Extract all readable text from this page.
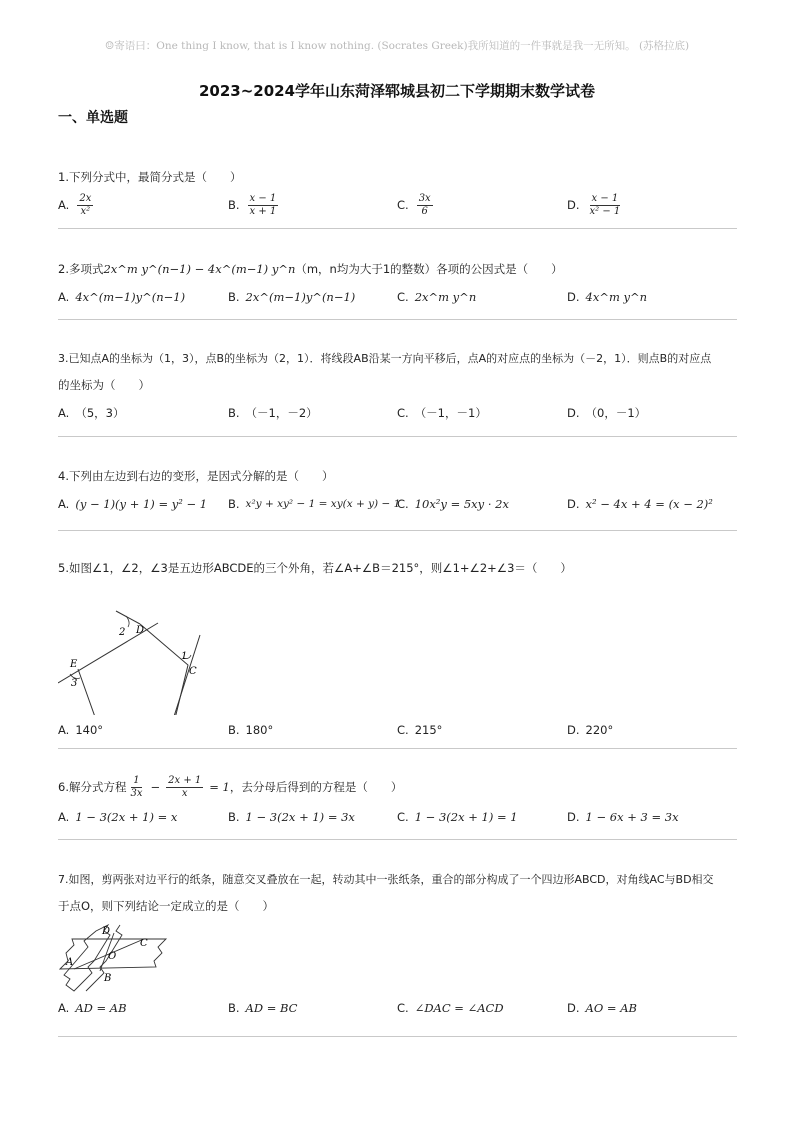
☺寄语曰：One thing I know, that is I know nothing. (Socrates Greek)我所知道的一件事就是我一无所知。 (苏格拉底)
2023~2024学年山东菏泽郓城县初二下学期期末数学试卷
一、单选题
1.下列分式中，最简分式是（　　）
A. $\frac{2x}{\text{x²}}$	B. $\frac{x - 1}{x + 1}$	C. $\frac{3x}{6}$	D. $\frac{x - 1}{\text{x² − 1}}$
2.多项式2x^m y^(n−1) − 4x^(m−1) y^n（m，n均为大于1的整数）各项的公因式是（　　）
A. 4x^(m−1)y^(n−1)	B. 2x^(m−1)y^(n−1)	C. 2x^m y^n	D. 4x^m y^n
3.已知点A的坐标为（1，3），点B的坐标为（2，1）．将线段AB沿某一方向平移后，点A的对应点的坐标为（－2，1）．则点B的对应点
的坐标为（　　）
A. （5，3）	B. （－1，－2）	C. （－1，－1）	D. （0，－1）
4.下列由左边到右边的变形，是因式分解的是（　　）
A. (y − 1)(y + 1) = y² − 1 B. x²y + xy² − 1 = xy(x + y) − 1
C. 10x²y = 5xy · 2x	D. x² − 4x + 4 = (x − 2)²
5.如图∠1，∠2，∠3是五边形ABCDE的三个外角，若∠A+∠B＝215°，则∠1+∠2+∠3＝（　　）
D
2
1
C
E
3
A. 140°	B. 180°	C. 215°	D. 220°
6.解分式方程 $\frac{1}{3x} - \frac{2x + 1}{x} = 1$ ，去分母后得到的方程是（　　）
A. 1 − 3(2x + 1) = x	B. 1 − 3(2x + 1) = 3x	C. 1 − 3(2x + 1) = 1	D. 1 − 6x + 3 = 3x
7.如图，剪两张对边平行的纸条，随意交叉叠放在一起，转动其中一张纸条，重合的部分构成了一个四边形ABCD，对角线AC与BD相交
于点O，则下列结论一定成立的是（　　）
A
D
C
O
B
A. AD = AB	B. AD = BC	C. ∠DAC = ∠ACD	D. AO = AB
